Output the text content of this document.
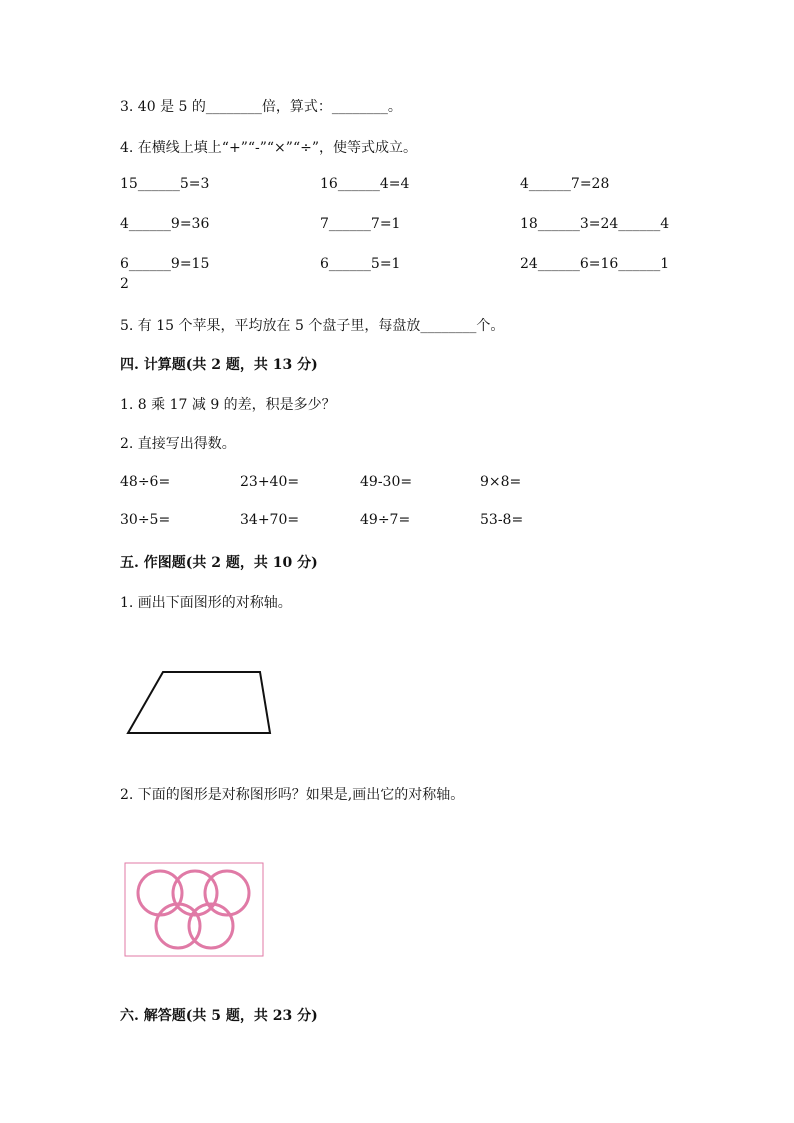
3. 40 是 5 的________倍，算式：________。
4. 在横线上填上“+”“-”“×”“÷”，使等式成立。
15______5=3	16______4=4	4______7=28
4______9=36	7______7=1	18______3=24______4
6______9=15	6______5=1	24______6=16______1
2
5. 有 15 个苹果，平均放在 5 个盘子里，每盘放________个。
四. 计算题(共 2 题，共 13 分)
1. 8 乘 17 减 9 的差，积是多少？
2. 直接写出得数。
48÷6=	23+40=	49-30=	9×8=
30÷5=	34+70=	49÷7=	53-8=
五. 作图题(共 2 题，共 10 分)
1. 画出下面图形的对称轴。
2. 下面的图形是对称图形吗？如果是,画出它的对称轴。
六. 解答题(共 5 题，共 23 分)
